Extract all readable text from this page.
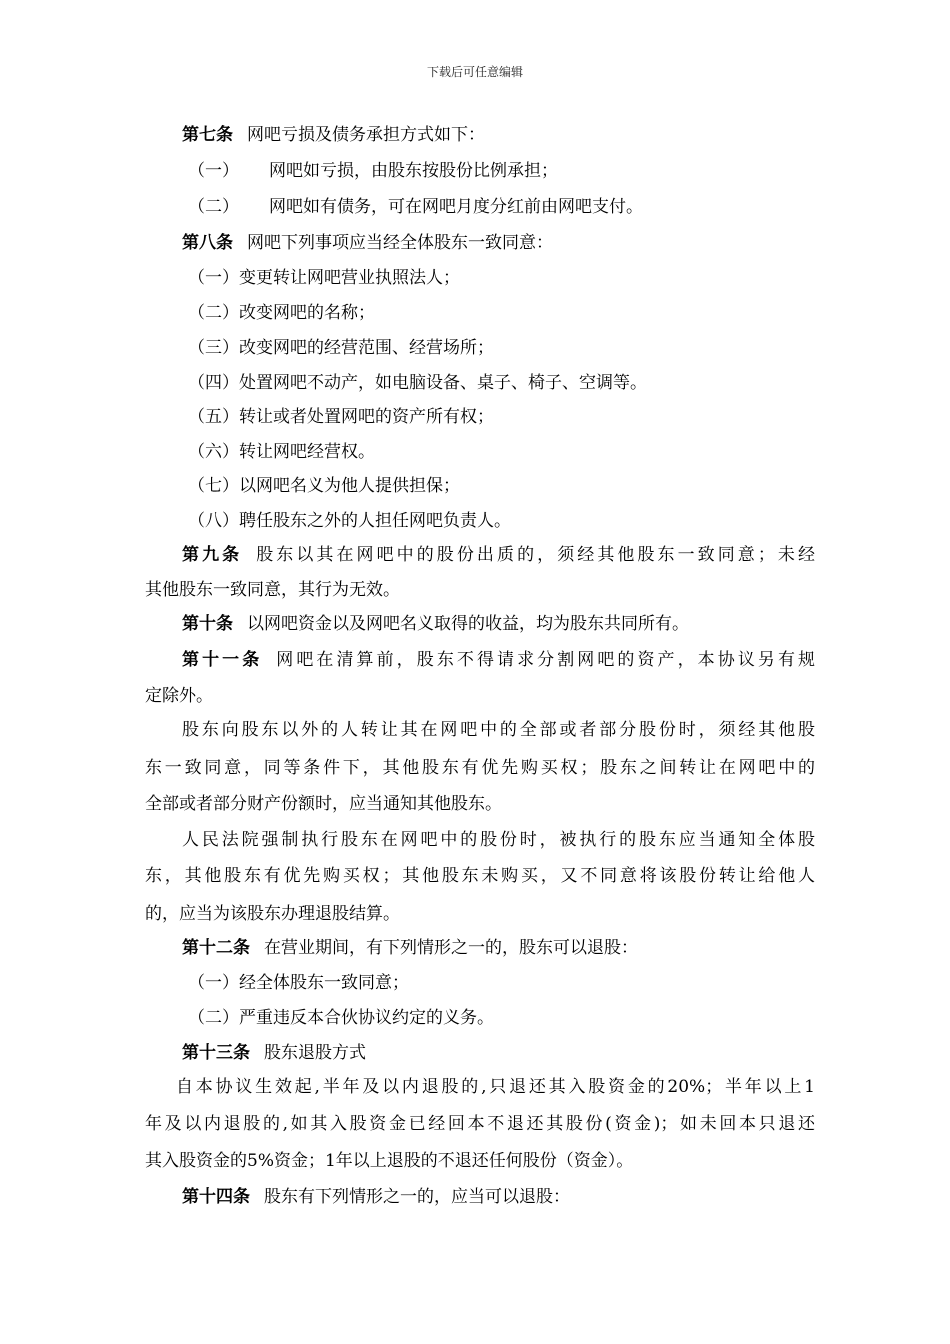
下载后可任意编辑
第七条 网吧亏损及债务承担方式如下：
（一） 网吧如亏损，由股东按股份比例承担；
（二） 网吧如有债务，可在网吧月度分红前由网吧支付。
第八条 网吧下列事项应当经全体股东一致同意：
（一）变更转让网吧营业执照法人；
（二）改变网吧的名称；
（三）改变网吧的经营范围、经营场所；
（四）处置网吧不动产，如电脑设备、桌子、椅子、空调等。
（五）转让或者处置网吧的资产所有权；
（六）转让网吧经营权。
（七）以网吧名义为他人提供担保；
（八）聘任股东之外的人担任网吧负责人。
第九条 股东以其在网吧中的股份出质的，须经其他股东一致同意；未经
其他股东一致同意，其行为无效。
第十条 以网吧资金以及网吧名义取得的收益，均为股东共同所有。
第十一条 网吧在清算前，股东不得请求分割网吧的资产，本协议另有规
定除外。
股东向股东以外的人转让其在网吧中的全部或者部分股份时，须经其他股
东一致同意，同等条件下，其他股东有优先购买权；股东之间转让在网吧中的
全部或者部分财产份额时，应当通知其他股东。
人民法院强制执行股东在网吧中的股份时，被执行的股东应当通知全体股
东，其他股东有优先购买权；其他股东未购买，又不同意将该股份转让给他人
的，应当为该股东办理退股结算。
第十二条 在营业期间，有下列情形之一的，股东可以退股：
（一）经全体股东一致同意；
（二）严重违反本合伙协议约定的义务。
第十三条 股东退股方式
自本协议生效起,半年及以内退股的,只退还其入股资金的20%；半年以上1
年及以内退股的,如其入股资金已经回本不退还其股份(资金)；如未回本只退还
其入股资金的5%资金；1年以上退股的不退还任何股份（资金）。
第十四条 股东有下列情形之一的，应当可以退股：
